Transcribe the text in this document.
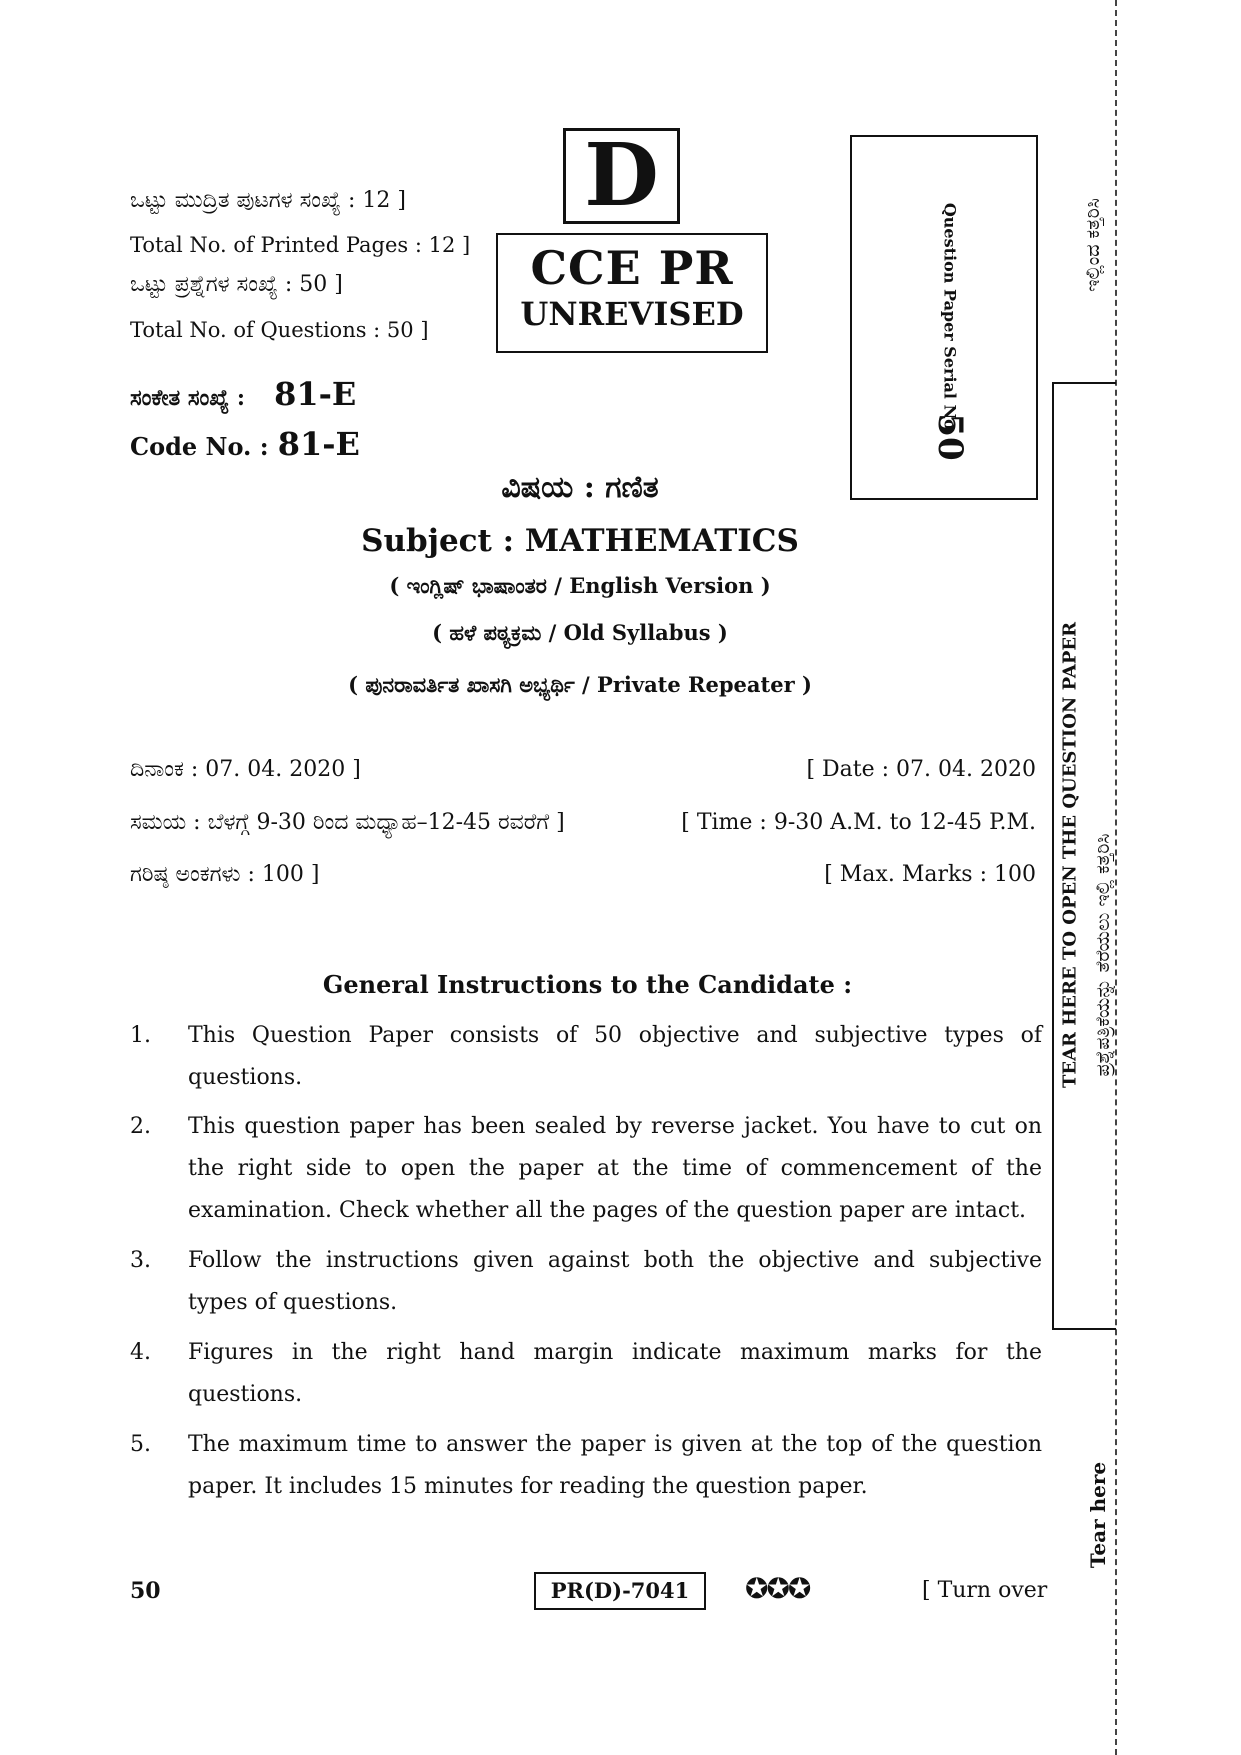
ಒಟ್ಟು ಮುದ್ರಿತ ಪುಟಗಳ ಸಂಖ್ಯೆ : 12 ]
Total No. of Printed Pages : 12 ]
ಒಟ್ಟು ಪ್ರಶ್ನೆಗಳ ಸಂಖ್ಯೆ : 50 ]
Total No. of Questions : 50 ]
ಸಂಕೇತ ಸಂಖ್ಯೆ : 81-E
Code No. : 81-E
D
CCE PR
UNREVISED	Question Paper Serial No.
50
ಇಲ್ಲಿಂದ ಕತ್ತರಿಸಿ
TEAR HERE TO OPEN THE QUESTION PAPER ಪ್ರಶ್ನೆಪತ್ರಿಕೆಯನ್ನು ತೆರೆಯಲು ಇಲ್ಲಿ ಕತ್ತರಿಸಿ
Tear here
ವಿಷಯ : ಗಣಿತ
Subject : MATHEMATICS
( ಇಂಗ್ಲಿಷ್ ಭಾಷಾಂತರ / English Version )
( ಹಳೆ ಪಠ್ಯಕ್ರಮ / Old Syllabus )
( ಪುನರಾವರ್ತಿತ ಖಾಸಗಿ ಅಭ್ಯರ್ಥಿ / Private Repeater )
ದಿನಾಂಕ : 07. 04. 2020 ]	[ Date : 07. 04. 2020
ಸಮಯ : ಬೆಳಗ್ಗೆ 9-30 ರಿಂದ ಮಧ್ಯಾಹ–12-45 ರವರೆಗೆ ]	[ Time : 9-30 A.M. to 12-45 P.M.
ಗರಿಷ್ಠ ಅಂಕಗಳು : 100 ]	[ Max. Marks : 100
General Instructions to the Candidate :
1. This Question Paper consists of 50 objective and subjective types of questions.
2. This question paper has been sealed by reverse jacket. You have to cut on the right side to open the paper at the time of commencement of the examination. Check whether all the pages of the question paper are intact.
3. Follow the instructions given against both the objective and subjective types of questions.
4. Figures in the right hand margin indicate maximum marks for the questions.
5. The maximum time to answer the paper is given at the top of the question paper. It includes 15 minutes for reading the question paper.
50	PR(D)-7041	✪✪✪	[ Turn over
